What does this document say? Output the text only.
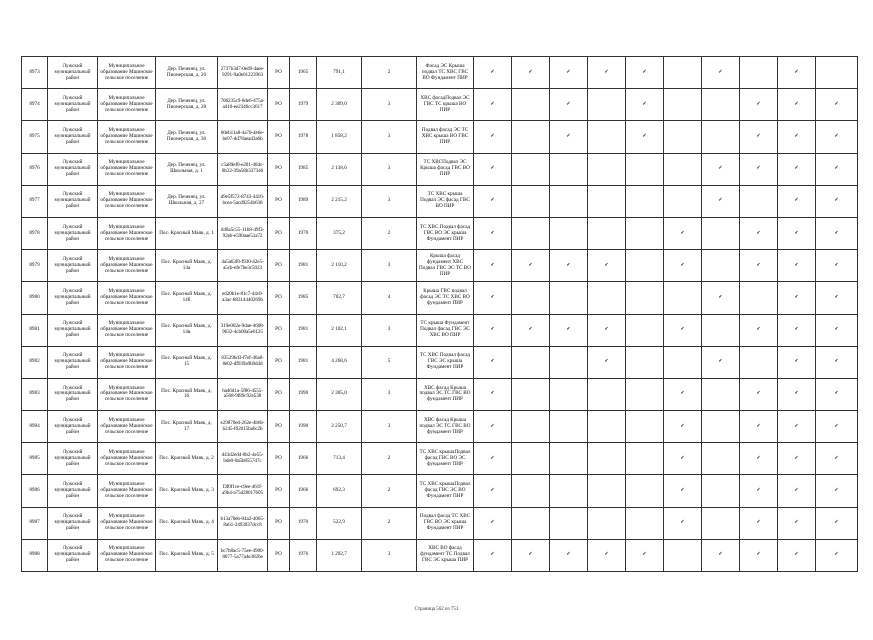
8973	Лужский муниципальный район	Муниципальное образование Мшинское сельское поселение	Дер. Печенец, ул. Пионерская, д. 26	2737b3d7-0ed9-4aee-9291-9a0e01223963	РО	1965	791,1	2	Фасад ЭС Крыша подвал ТС ХВС ГВС ВО Фундамент ПИР	✓	✓	✓	✓	✓		✓		✓	
8974	Лужский муниципальный район	Муниципальное образование Мшинское сельское поселение	Дер. Печенец, ул. Пионерская, д. 28	706235c9-8de6-475a-a410-ee2346cc3617	РО	1979	2 309,0	3	ХВС фасадПодвал ЭС ГВС ТС крыша ВО ПИР	✓		✓		✓			✓	✓	✓
8975	Лужский муниципальный район	Муниципальное образование Мшинское сельское поселение	Дер. Печенец, ул. Пионерская, д. 30	80eb11a8-4a70-4e6e-be97-dd78aead3a6b	РО	1978	1 858,2	3	Подвал фасад ЭС ТС ХВС крыша ВО ГВС ПИР	✓		✓		✓			✓	✓	✓
8976	Лужский муниципальный район	Муниципальное образование Мшинское сельское поселение	Дер. Печенец, ул. Школьная, д. 1	c5a89ef0-e201-404c-8b32-39a58b337346	РО	1985	2 138,6	3	ТС ХВСПодвал ЭС Крыша фасад ГВС ВО ПИР	✓						✓	✓	✓	✓
8977	Лужский муниципальный район	Муниципальное образование Мшинское сельское поселение	Дер. Печенец, ул. Школьная, д. 27	d9e5f572-8743-4416-bcea-5acd9254b638	РО	1989	2 215,2	3	ТС ХВС крыша Подвал ЭС фасад ГВС ВО ПИР	✓						✓		✓	✓
8978	Лужский муниципальный район	Муниципальное образование Мшинское сельское поселение	Пос. Красный Маяк, д. 1	d48a5c55-11b8-49f3-92eb-e590aae51a72	РО	1970	375,2	2	ТС ХВС Подвал фасад ГВС ВО ЭС крыша Фундамент ПИР	✓					✓		✓	✓	✓
8979	Лужский муниципальный район	Муниципальное образование Мшинское сельское поселение	Пос. Красный Маяк, д. 14а	4a5a63f0-f930-42e5-a5cb-efe7be3c5023	РО	1981	2 110,2	3	Крыша фасад фундамент ХВС Подвал ГВС ЭС ТС ВО ПИР	✓	✓	✓	✓		✓		✓	✓	✓
8980	Лужский муниципальный район	Муниципальное образование Мшинское сельское поселение	Пос. Красный Маяк, д. 14б	ed20b1e-81c7-44c0-a3ac-88314440269b	РО	1985	702,7	4	Крыша ГВС подвал фасад ЭС ТС ХВС ВО фундамент ПИР	✓						✓		✓	✓
8981	Лужский муниципальный район	Муниципальное образование Мшинское сельское поселение	Пос. Красный Маяк, д. 14в	319e002e-9dae-4608-9632-4cb00a5e6125	РО	1981	2 102,1	3	ТС крыша Фундамент Подвал фасад ГВС ЭС ХВС ВО ПИР	✓	✓	✓	✓		✓		✓	✓	✓
8982	Лужский муниципальный район	Муниципальное образование Мшинское сельское поселение	Пос. Красный Маяк, д. 15	83529bd3-f7ef-46a8-8e02-df939a9b9d4d	РО	1981	4 268,6	5	ТС ХВС Подвал фасад ГВС ЭС крыша Фундамент ПИР	✓			✓			✓		✓	✓
8983	Лужский муниципальный район	Муниципальное образование Мшинское сельское поселение	Пос. Красный Маяк, д. 16	6a46d1a-5f86-4555-a568-9f89c92e538	РО	1990	2 305,0	3	ХВС фасад Крыша подвал ЭС ТС ГВС ВО фундамент ПИР	✓					✓		✓	✓	✓
8984	Лужский муниципальный район	Муниципальное образование Мшинское сельское поселение	Пос. Красный Маяк, д. 17	e29870ed-262e-4b6b-b245-f02015ba6c2b	РО	1990	2 250,7	3	ХВС фасад Крыша подвал ЭС ТС ГВС ВО фундамент ПИР	✓					✓		✓	✓	✓
8985	Лужский муниципальный район	Муниципальное образование Мшинское сельское поселение	Пос. Красный Маяк, д. 2	d43d2ed4-8b2-4e55-bde0-0a5b8557d7c	РО	1966	713,4	2	ТС ХВС крышаПодвал фасад ГВС ВО ЭС фундамент ПИР	✓					✓		✓	✓	✓
8986	Лужский муниципальный район	Муниципальное образование Мшинское сельское поселение	Пос. Красный Маяк, д. 3	f3f0f1ce-c9ee-461f-a9b4-a75d28017605	РО	1966	692,3	2	ТС ХВС крышаПодвал фасад ГВС ЭС ВО Фундамент ПИР	✓					✓		✓	✓	✓
8987	Лужский муниципальный район	Муниципальное образование Мшинское сельское поселение	Пос. Красный Маяк, д. 4	b13a70eb-04a2-4065-8a61-2493037dcc8	РО	1970	522,9	2	Подвал фасад ТС ХВС ГВС ВО ЭС крыша Фундамент ПИР	✓					✓		✓	✓	✓
8988	Лужский муниципальный район	Муниципальное образование Мшинское сельское поселение	Пос. Красный Маяк, д. 5	bc7b8ac5-75ee-4980-8677-5a77a4e3826e	РО	1976	1 292,7	3	ХВС ВО фасад фундамент ТС Подвал ГВС ЭС крыша ПИР	✓	✓	✓	✓	✓		✓	✓	✓	✓
Страница 562 из 753
